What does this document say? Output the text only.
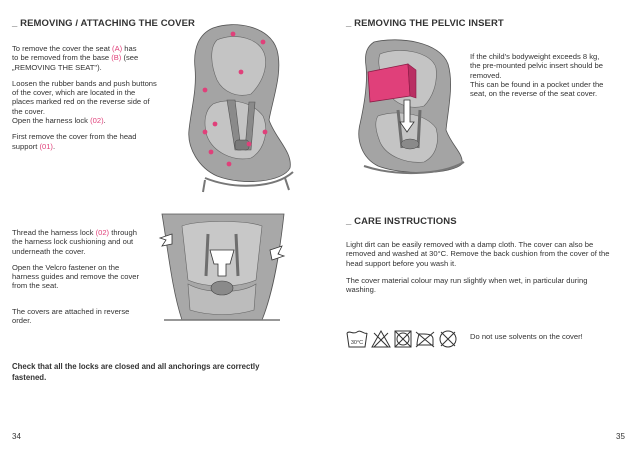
_ REMOVING / ATTACHING THE COVER
To remove the cover the seat (A) has
to be removed from the base (B) (see
„REMOVING THE SEAT").
Loosen the rubber bands and push buttons
of the cover, which are located in the
places marked red on the reverse side of
the cover.
Open the harness lock (02).
First remove the cover from the head
support (01).
Thread the harness lock (02) through
the harness lock cushioning and out
underneath the cover.
Open the Velcro fastener on the
harness guides and remove the cover
from the seat.
The covers are attached in reverse
order.
Check that all the locks are closed and all anchorings are correctly
fastened.
34
_ REMOVING THE PELVIC INSERT
If the child's bodyweight exceeds 8 kg,
the pre-mounted pelvic insert should be
removed.
This can be found in a pocket under the
seat, on the reverse of the seat cover.
_ CARE INSTRUCTIONS
Light dirt can be easily removed with a damp cloth. The cover can also be
removed and washed at 30°C. Remove the back cushion from the cover of the
head support before you wash it.
The cover material colour may run slightly when wet, in particular during
washing.
Do not use solvents on the cover!
35
30°C
